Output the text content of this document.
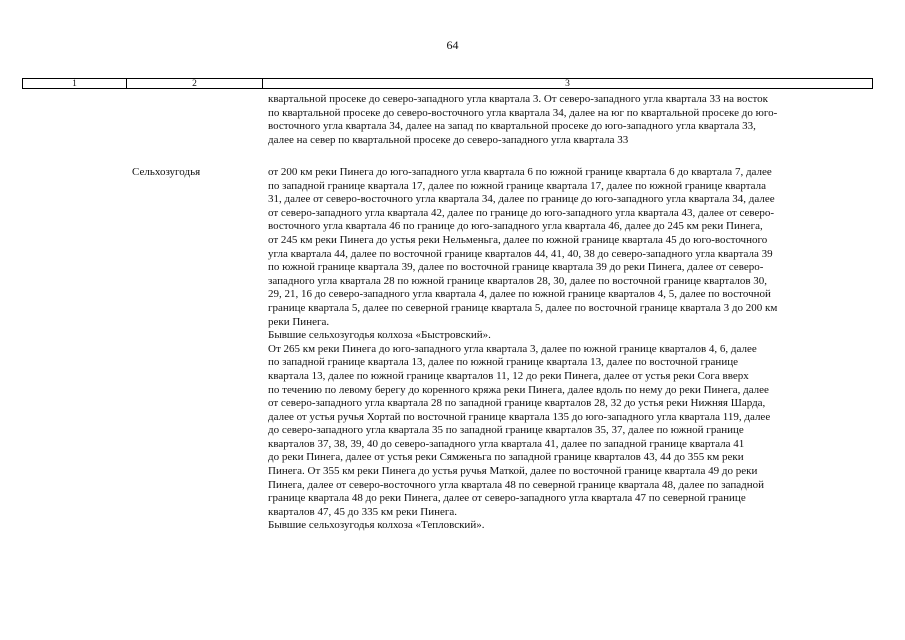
64
1	2	3
квартальной просеке до северо-западного угла квартала 3. От северо-западного угла квартала 33 на восток
по квартальной просеке до северо-восточного угла квартала 34, далее на юг по квартальной просеке до юго-
восточного угла квартала 34, далее на запад по квартальной просеке до юго-западного угла квартала 33,
далее на север по квартальной просеке до северо-западного угла квартала 33
Сельхозугодья	от 200 км реки Пинега до юго-западного угла квартала 6 по южной границе квартала 6 до квартала 7, далее
по западной границе квартала 17, далее по южной границе квартала 17, далее по южной границе квартала
31, далее от северо-восточного угла квартала 34, далее по границе до юго-западного угла квартала 34, далее
от северо-западного угла квартала 42, далее по границе до юго-западного угла квартала 43, далее от северо-
восточного угла квартала 46 по границе до юго-западного угла квартала 46, далее до 245 км реки Пинега,
от 245 км реки Пинега до устья реки Нельменьга, далее по южной границе квартала 45 до юго-восточного
угла квартала 44, далее по восточной границе кварталов 44, 41, 40, 38 до северо-западного угла квартала 39
по южной границе квартала 39, далее по восточной границе квартала 39 до реки Пинега, далее от северо-
западного угла квартала 28 по южной границе кварталов 28, 30, далее по восточной границе кварталов 30,
29, 21, 16 до северо-западного угла квартала 4, далее по южной границе кварталов 4, 5, далее по восточной
границе квартала 5, далее по северной границе квартала 5, далее по восточной границе квартала 3 до 200 км
реки Пинега.
Бывшие сельхозугодья колхоза «Быстровский».
От 265 км реки Пинега до юго-западного угла квартала 3, далее по южной границе кварталов 4, 6, далее
по западной границе квартала 13, далее по южной границе квартала 13, далее по восточной границе
квартала 13, далее по южной границе кварталов 11, 12 до реки Пинега, далее от устья реки Сога вверх
по течению по левому берегу до коренного кряжа реки Пинега, далее вдоль по нему до реки Пинега, далее
от северо-западного угла квартала 28 по западной границе кварталов 28, 32 до устья реки Нижняя Шарда,
далее от устья ручья Хортай по восточной границе квартала 135 до юго-западного угла квартала 119, далее
до северо-западного угла квартала 35 по западной границе кварталов 35, 37, далее по южной границе
кварталов 37, 38, 39, 40 до северо-западного угла квартала 41, далее по западной границе квартала 41
до реки Пинега, далее от устья реки Сямженьга по западной границе кварталов 43, 44 до 355 км реки
Пинега. От 355 км реки Пинега до устья ручья Маткой, далее по восточной границе квартала 49 до реки
Пинега, далее от северо-восточного угла квартала 48 по северной границе квартала 48, далее по западной
границе квартала 48 до реки Пинега, далее от северо-западного угла квартала 47 по северной границе
кварталов 47, 45 до 335 км реки Пинега.
Бывшие сельхозугодья колхоза «Тепловский».
